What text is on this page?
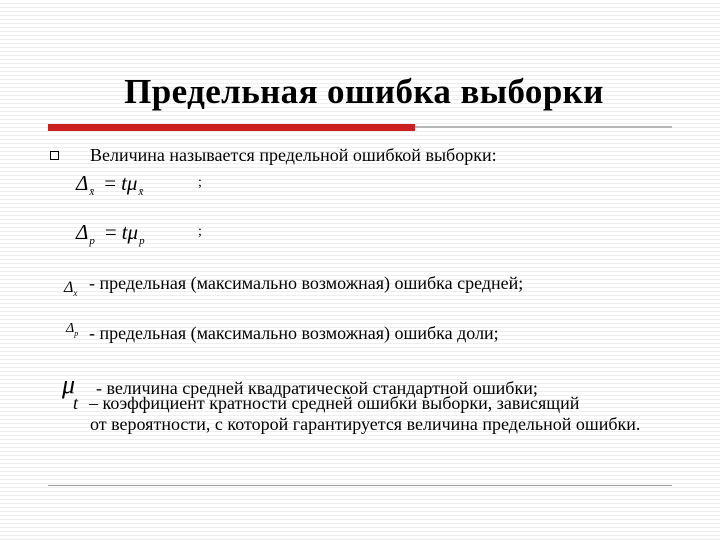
Предельная ошибка выборки
Величина называется предельной ошибкой выборки:
$\Delta_{x̄} = t\mu_{x̄}$
;
$\Delta_p = t\mu_p$
;
$\Delta_x$ - предельная (максимально возможная) ошибка средней;
$\Delta_p$ - предельная (максимально возможная) ошибка доли;
μ - величина средней квадратической стандартной ошибки;
t – коэффициент кратности средней ошибки выборки, зависящий
от вероятности, с которой гарантируется величина предельной ошибки.
